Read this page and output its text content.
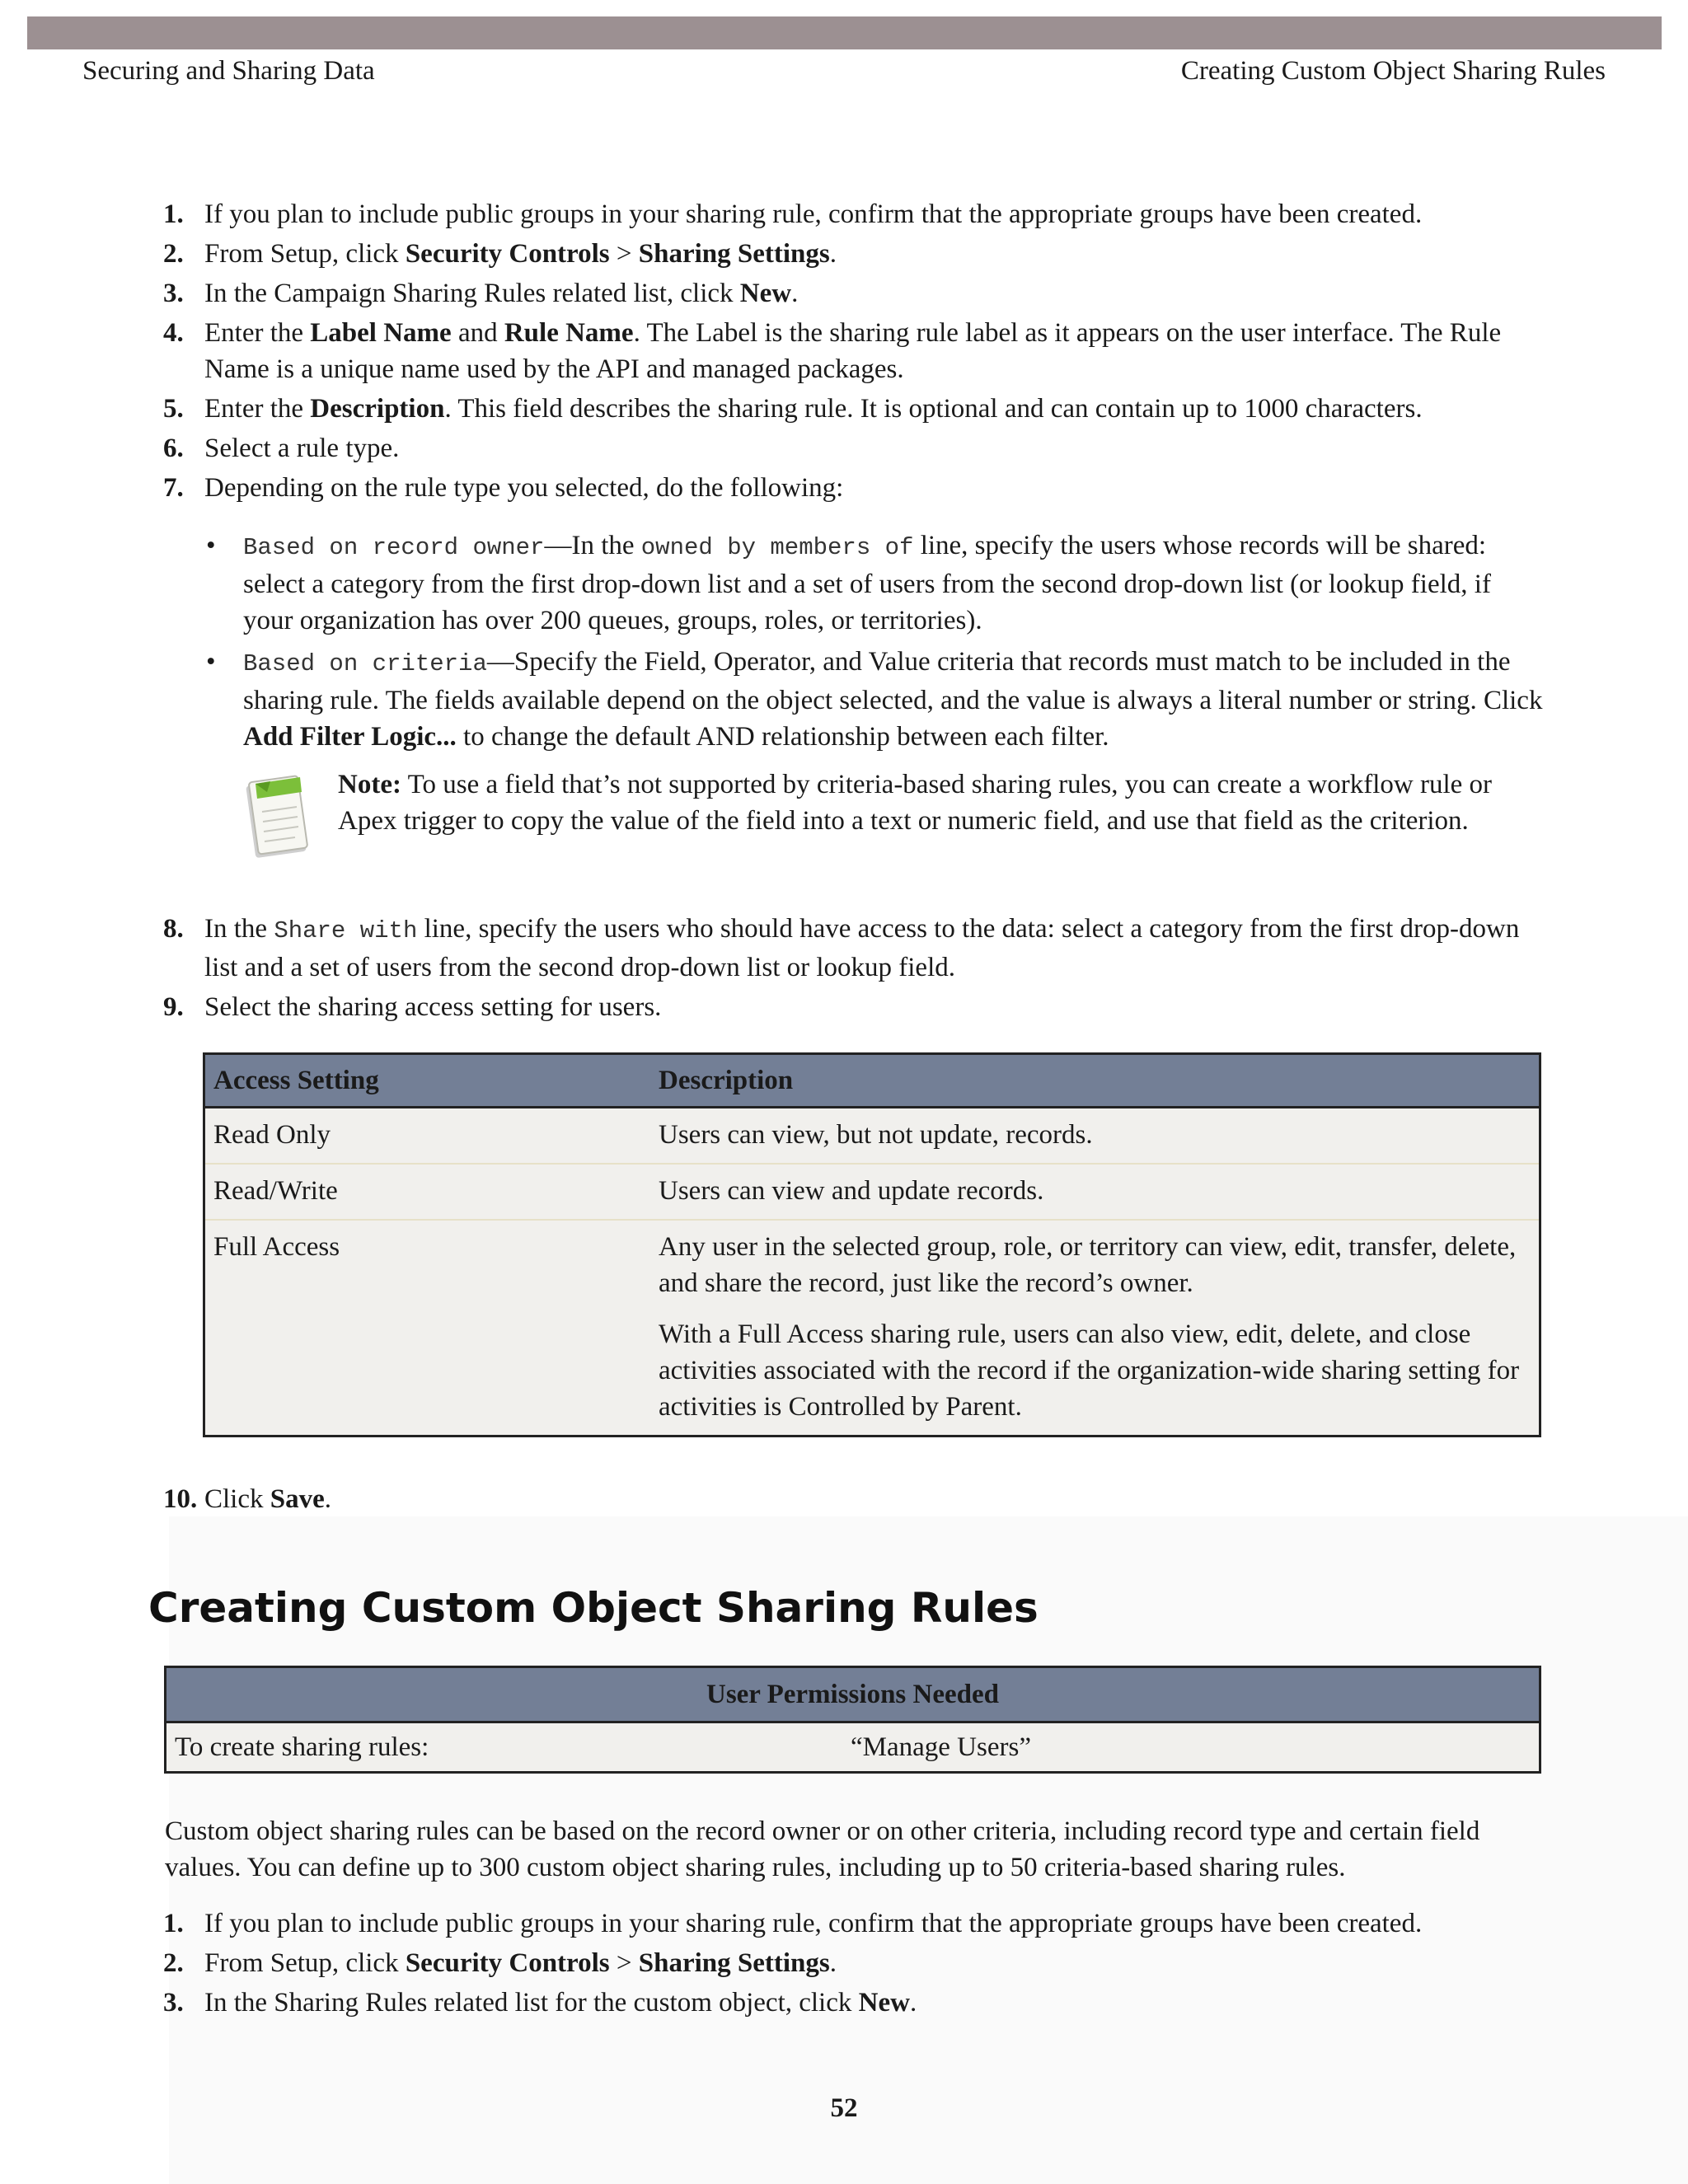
Securing and Sharing Data	Creating Custom Object Sharing Rules
1. If you plan to include public groups in your sharing rule, confirm that the appropriate groups have been created.
2. From Setup, click Security Controls > Sharing Settings.
3. In the Campaign Sharing Rules related list, click New.
4. Enter the Label Name and Rule Name. The Label is the sharing rule label as it appears on the user interface. The Rule Name is a unique name used by the API and managed packages.
5. Enter the Description. This field describes the sharing rule. It is optional and can contain up to 1000 characters.
6. Select a rule type.
7. Depending on the rule type you selected, do the following:
• Based on record owner—In the owned by members of line, specify the users whose records will be shared: select a category from the first drop-down list and a set of users from the second drop-down list (or lookup field, if your organization has over 200 queues, groups, roles, or territories).
• Based on criteria—Specify the Field, Operator, and Value criteria that records must match to be included in the sharing rule. The fields available depend on the object selected, and the value is always a literal number or string. Click Add Filter Logic... to change the default AND relationship between each filter.
Note: To use a field that’s not supported by criteria-based sharing rules, you can create a workflow rule or Apex trigger to copy the value of the field into a text or numeric field, and use that field as the criterion.
8. In the Share with line, specify the users who should have access to the data: select a category from the first drop-down list and a set of users from the second drop-down list or lookup field.
9. Select the sharing access setting for users.
Access Setting	Description
Read Only	Users can view, but not update, records.
Read/Write	Users can view and update records.
Full Access	Any user in the selected group, role, or territory can view, edit, transfer, delete, and share the record, just like the record’s owner.

With a Full Access sharing rule, users can also view, edit, delete, and close activities associated with the record if the organization-wide sharing setting for activities is Controlled by Parent.

10. Click Save.
Creating Custom Object Sharing Rules
User Permissions Needed
To create sharing rules:	“Manage Users”

Custom object sharing rules can be based on the record owner or on other criteria, including record type and certain field values. You can define up to 300 custom object sharing rules, including up to 50 criteria-based sharing rules.

1. If you plan to include public groups in your sharing rule, confirm that the appropriate groups have been created.
2. From Setup, click Security Controls > Sharing Settings.
3. In the Sharing Rules related list for the custom object, click New.
52
